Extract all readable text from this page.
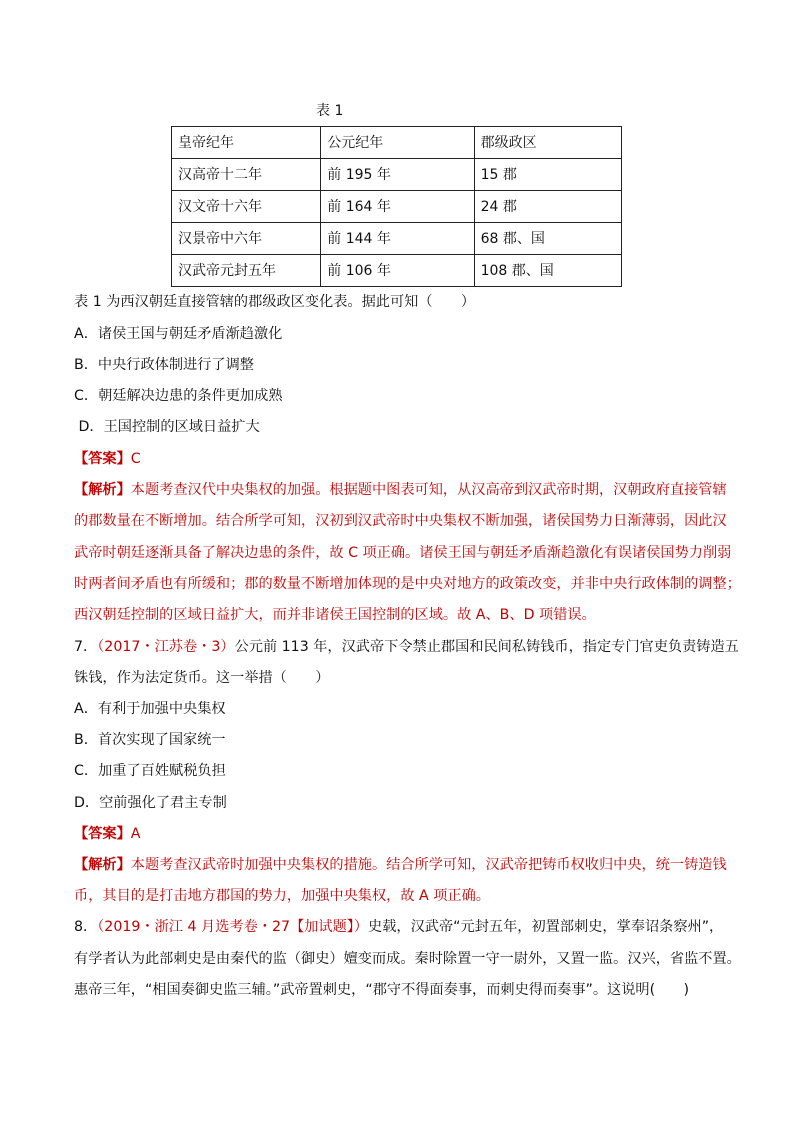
表 1
皇帝纪年	公元纪年	郡级政区
汉高帝十二年	前 195 年	15 郡
汉文帝十六年	前 164 年	24 郡
汉景帝中六年	前 144 年	68 郡、国
汉武帝元封五年	前 106 年	108 郡、国
表 1 为西汉朝廷直接管辖的郡级政区变化表。据此可知（　　）
A．诸侯王国与朝廷矛盾渐趋激化
B．中央行政体制进行了调整
C．朝廷解决边患的条件更加成熟
D．王国控制的区域日益扩大
【答案】C
【解析】本题考查汉代中央集权的加强。根据题中图表可知，从汉高帝到汉武帝时期，汉朝政府直接管辖
的郡数量在不断增加。结合所学可知，汉初到汉武帝时中央集权不断加强，诸侯国势力日渐薄弱，因此汉
武帝时朝廷逐渐具备了解决边患的条件，故 C 项正确。诸侯王国与朝廷矛盾渐趋激化有误诸侯国势力削弱
时两者间矛盾也有所缓和；郡的数量不断增加体现的是中央对地方的政策改变，并非中央行政体制的调整；
西汉朝廷控制的区域日益扩大，而并非诸侯王国控制的区域。故 A、B、D 项错误。
7．（2017・江苏卷・3）公元前 113 年，汉武帝下令禁止郡国和民间私铸钱币，指定专门官吏负责铸造五
铢钱，作为法定货币。这一举措（　　）
A．有利于加强中央集权
B．首次实现了国家统一
C．加重了百姓赋税负担
D．空前强化了君主专制
【答案】A
【解析】本题考查汉武帝时加强中央集权的措施。结合所学可知，汉武帝把铸币权收归中央，统一铸造钱
币，其目的是打击地方郡国的势力，加强中央集权，故 A 项正确。
8．（2019・浙江 4 月选考卷・27【加试题】）史载，汉武帝“元封五年，初置部刺史，掌奉诏条察州”，
有学者认为此部刺史是由秦代的监（御史）嬗变而成。秦时除置一守一尉外，又置一监。汉兴，省监不置。
惠帝三年，“相国奏御史监三辅。”武帝置刺史，“郡守不得面奏事，而刺史得而奏事”。这说明(　　)
